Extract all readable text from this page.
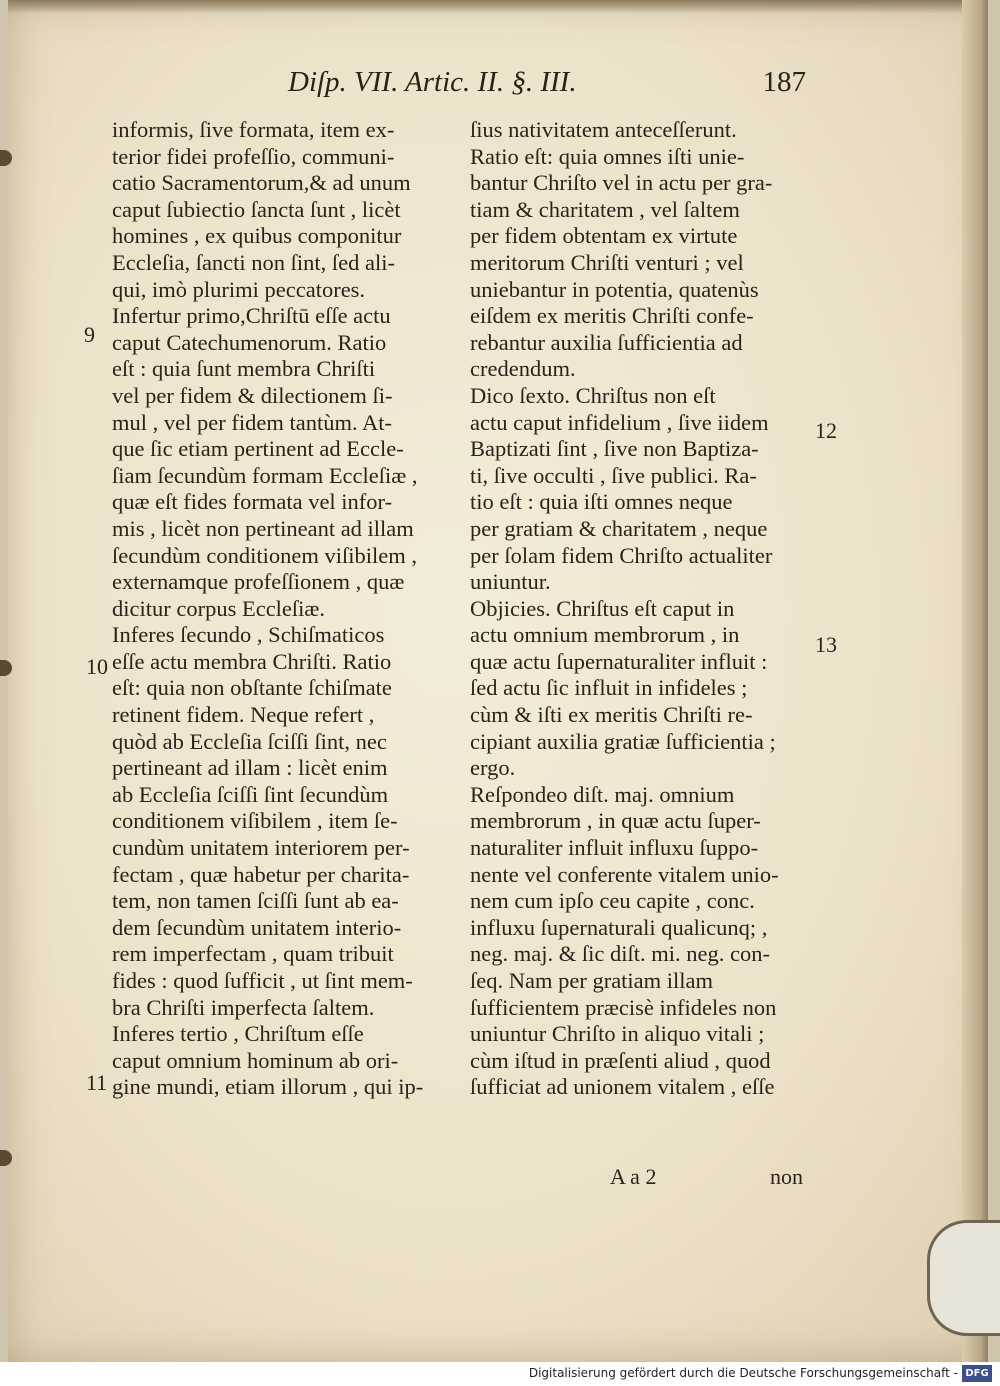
Diſp. VII. Artic. II. §. III.	187
informis, ſive formata, item ex-
terior fidei profeſſio, communi-
catio Sacramentorum,& ad unum
caput ſubiectio ſancta ſunt , licèt
homines , ex quibus componitur
Eccleſia, ſancti non ſint, ſed ali-
qui, imò plurimi peccatores.
Infertur primo,Chriſtū eſſe actu
caput Catechumenorum. Ratio
eſt : quia ſunt membra Chriſti
vel per fidem & dilectionem ſi-
mul , vel per fidem tantùm. At-
que ſic etiam pertinent ad Eccle-
ſiam ſecundùm formam Eccleſiæ ,
quæ eſt fides formata vel infor-
mis , licèt non pertineant ad illam
ſecundùm conditionem viſibilem ,
externamque profeſſionem , quæ
dicitur corpus Eccleſiæ.
Inferes ſecundo , Schiſmaticos
eſſe actu membra Chriſti. Ratio
eſt: quia non obſtante ſchiſmate
retinent fidem. Neque refert ,
quòd ab Eccleſia ſciſſi ſint, nec
pertineant ad illam : licèt enim
ab Eccleſia ſciſſi ſint ſecundùm
conditionem viſibilem , item ſe-
cundùm unitatem interiorem per-
fectam , quæ habetur per charita-
tem, non tamen ſciſſi ſunt ab ea-
dem ſecundùm unitatem interio-
rem imperfectam , quam tribuit
fides : quod ſufficit , ut ſint mem-
bra Chriſti imperfecta ſaltem.
Inferes tertio , Chriſtum eſſe
caput omnium hominum ab ori-
gine mundi, etiam illorum , qui ip-
ſius nativitatem anteceſſerunt.
Ratio eſt: quia omnes iſti unie-
bantur Chriſto vel in actu per gra-
tiam & charitatem , vel ſaltem
per fidem obtentam ex virtute
meritorum Chriſti venturi ; vel
uniebantur in potentia, quatenùs
eiſdem ex meritis Chriſti confe-
rebantur auxilia ſufficientia ad
credendum.
Dico ſexto. Chriſtus non eſt
actu caput infidelium , ſive iidem
Baptizati ſint , ſive non Baptiza-
ti, ſive occulti , ſive publici. Ra-
tio eſt : quia iſti omnes neque
per gratiam & charitatem , neque
per ſolam fidem Chriſto actualiter
uniuntur.
Objicies. Chriſtus eſt caput in
actu omnium membrorum , in
quæ actu ſupernaturaliter influit :
ſed actu ſic influit in infideles ;
cùm & iſti ex meritis Chriſti re-
cipiant auxilia gratiæ ſufficientia ;
ergo.
Reſpondeo diſt. maj. omnium
membrorum , in quæ actu ſuper-
naturaliter influit influxu ſuppo-
nente vel conferente vitalem unio-
nem cum ipſo ceu capite , conc.
influxu ſupernaturali qualicunq; ,
neg. maj. & ſic diſt. mi. neg. con-
ſeq. Nam per gratiam illam
ſufficientem præcisè infideles non
uniuntur Chriſto in aliquo vitali ;
cùm iſtud in præſenti aliud , quod
ſufficiat ad unionem vitalem , eſſe
9
10
11
12
13
A a 2	non
Digitalisierung gefördert durch die Deutsche Forschungsgemeinschaft - DFG
